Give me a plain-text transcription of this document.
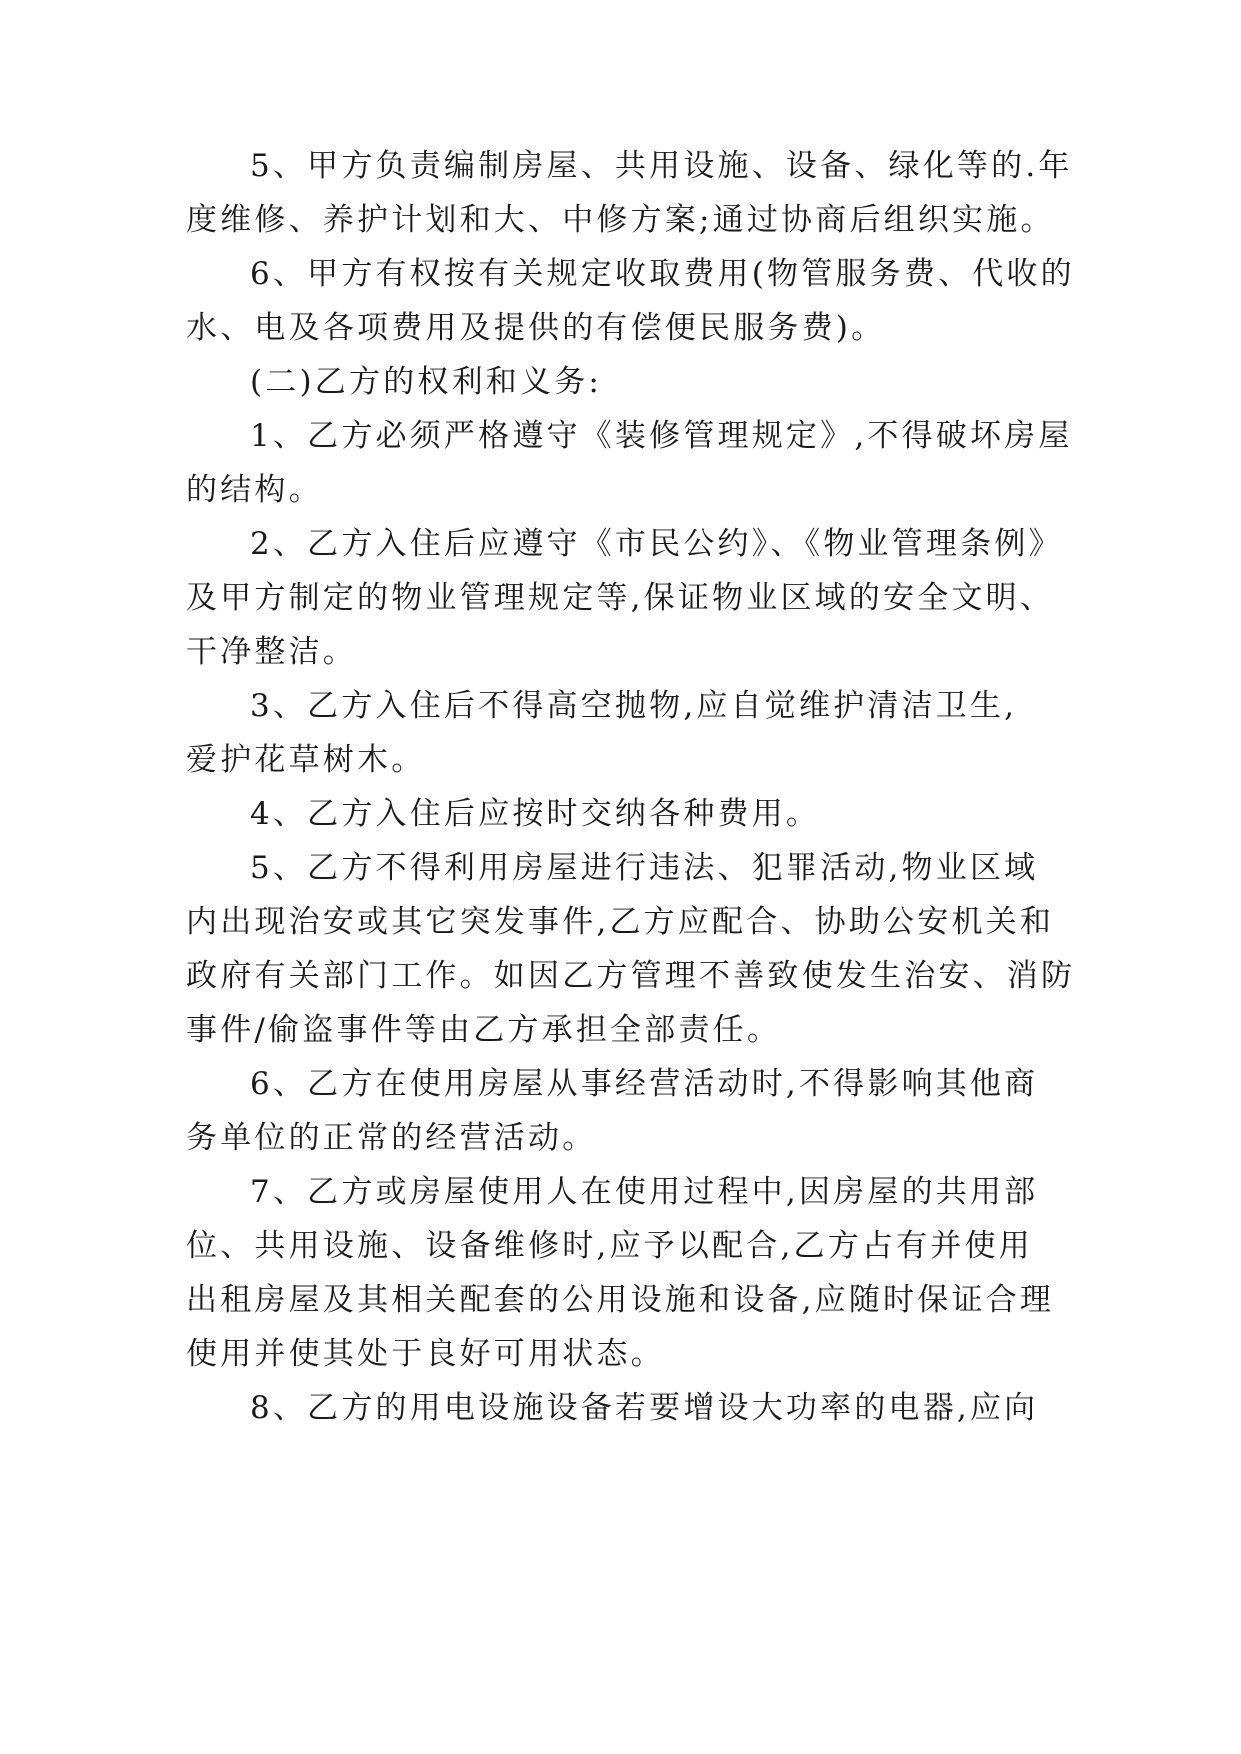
5、甲方负责编制房屋、共用设施、设备、绿化等的.年
度维修、养护计划和大、中修方案;通过协商后组织实施。
6、甲方有权按有关规定收取费用(物管服务费、代收的
水、电及各项费用及提供的有偿便民服务费)。
(二)乙方的权利和义务:
1、乙方必须严格遵守《装修管理规定》,不得破坏房屋
的结构。
2、乙方入住后应遵守《市民公约》、《物业管理条例》
及甲方制定的物业管理规定等,保证物业区域的安全文明、
干净整洁。
3、乙方入住后不得高空抛物,应自觉维护清洁卫生,
爱护花草树木。
4、乙方入住后应按时交纳各种费用。
5、乙方不得利用房屋进行违法、犯罪活动,物业区域
内出现治安或其它突发事件,乙方应配合、协助公安机关和
政府有关部门工作。如因乙方管理不善致使发生治安、消防
事件/偷盗事件等由乙方承担全部责任。
6、乙方在使用房屋从事经营活动时,不得影响其他商
务单位的正常的经营活动。
7、乙方或房屋使用人在使用过程中,因房屋的共用部
位、共用设施、设备维修时,应予以配合,乙方占有并使用
出租房屋及其相关配套的公用设施和设备,应随时保证合理
使用并使其处于良好可用状态。
8、乙方的用电设施设备若要增设大功率的电器,应向
